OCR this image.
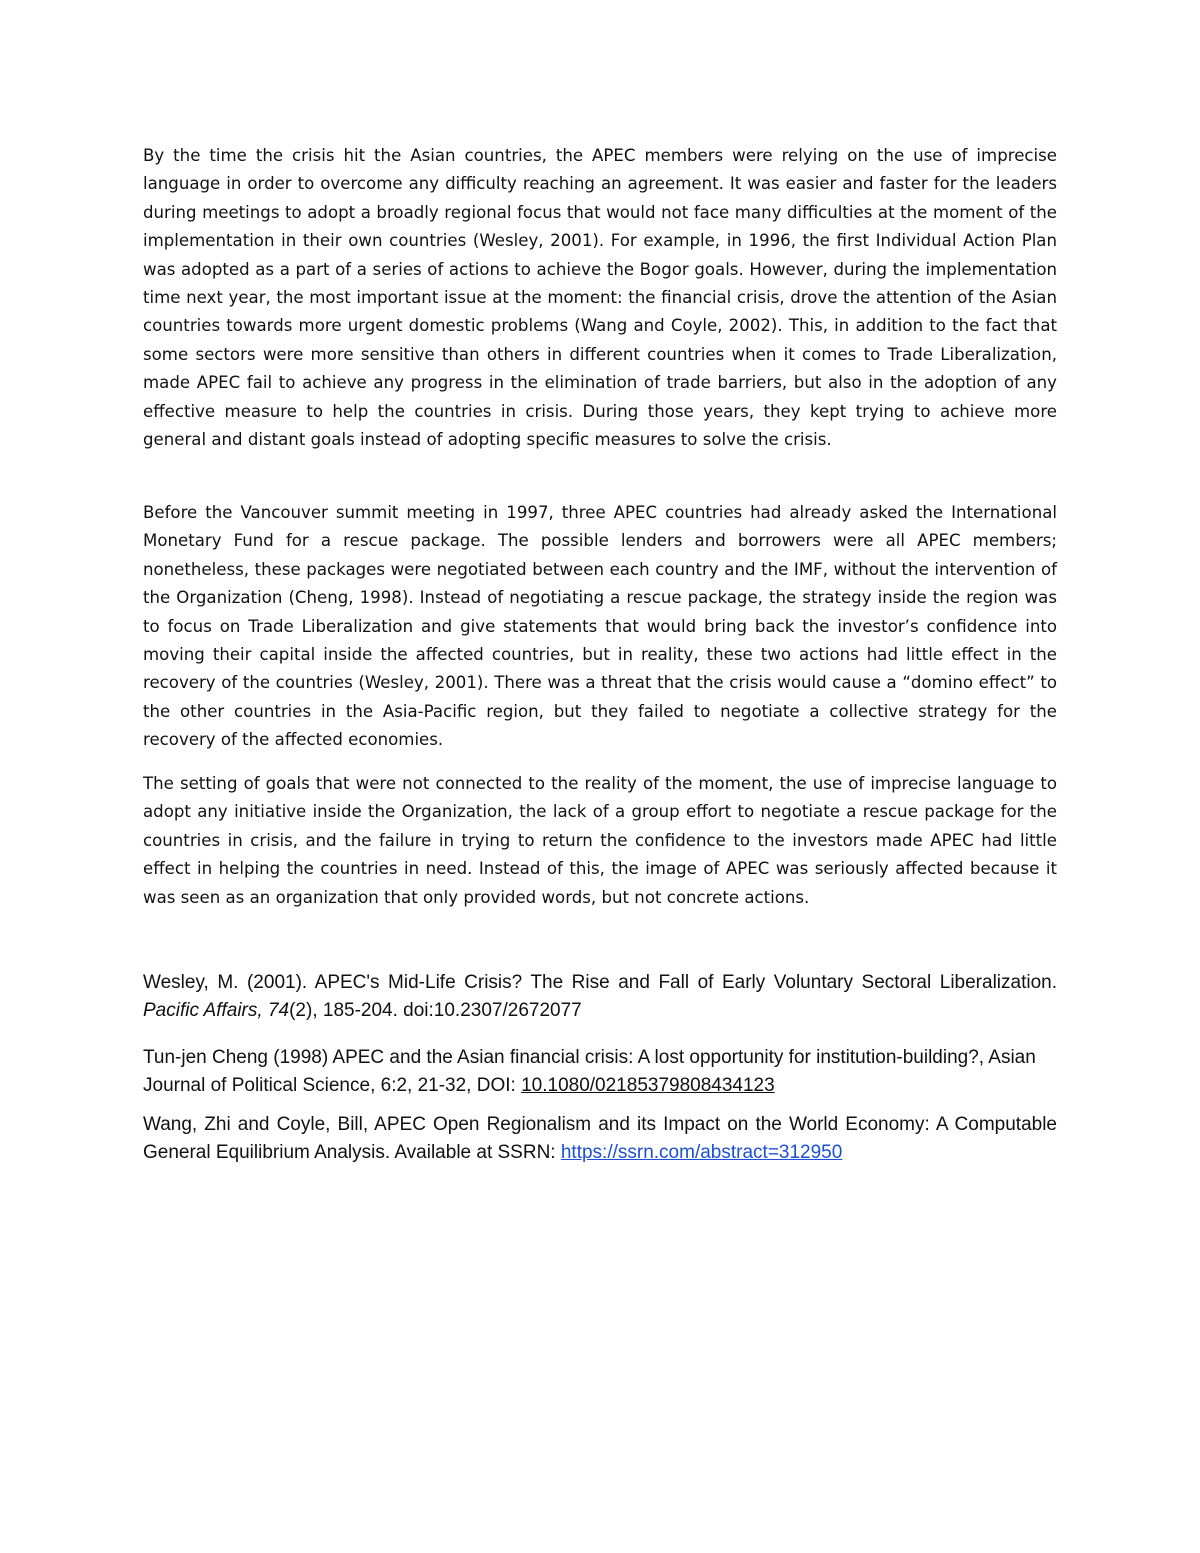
By the time the crisis hit the Asian countries, the APEC members were relying on the use of imprecise language in order to overcome any difficulty reaching an agreement. It was easier and faster for the leaders during meetings to adopt a broadly regional focus that would not face many difficulties at the moment of the implementation in their own countries (Wesley, 2001). For example, in 1996, the first Individual Action Plan was adopted as a part of a series of actions to achieve the Bogor goals. However, during the implementation time next year, the most important issue at the moment: the financial crisis, drove the attention of the Asian countries towards more urgent domestic problems (Wang and Coyle, 2002). This, in addition to the fact that some sectors were more sensitive than others in different countries when it comes to Trade Liberalization, made APEC fail to achieve any progress in the elimination of trade barriers, but also in the adoption of any effective measure to help the countries in crisis. During those years, they kept trying to achieve more general and distant goals instead of adopting specific measures to solve the crisis.

Before the Vancouver summit meeting in 1997, three APEC countries had already asked the International Monetary Fund for a rescue package. The possible lenders and borrowers were all APEC members; nonetheless, these packages were negotiated between each country and the IMF, without the intervention of the Organization (Cheng, 1998). Instead of negotiating a rescue package, the strategy inside the region was to focus on Trade Liberalization and give statements that would bring back the investor’s confidence into moving their capital inside the affected countries, but in reality, these two actions had little effect in the recovery of the countries (Wesley, 2001). There was a threat that the crisis would cause a “domino effect” to the other countries in the Asia-Pacific region, but they failed to negotiate a collective strategy for the recovery of the affected economies.

The setting of goals that were not connected to the reality of the moment, the use of imprecise language to adopt any initiative inside the Organization, the lack of a group effort to negotiate a rescue package for the countries in crisis, and the failure in trying to return the confidence to the investors made APEC had little effect in helping the countries in need. Instead of this, the image of APEC was seriously affected because it was seen as an organization that only provided words, but not concrete actions.

Wesley, M. (2001). APEC's Mid-Life Crisis? The Rise and Fall of Early Voluntary Sectoral Liberalization. Pacific Affairs, 74(2), 185-204. doi:10.2307/2672077

Tun-jen Cheng (1998) APEC and the Asian financial crisis: A lost opportunity for institution-building?, Asian Journal of Political Science, 6:2, 21-32, DOI: 10.1080/02185379808434123

Wang, Zhi and Coyle, Bill, APEC Open Regionalism and its Impact on the World Economy: A Computable General Equilibrium Analysis. Available at SSRN: https://ssrn.com/abstract=312950
